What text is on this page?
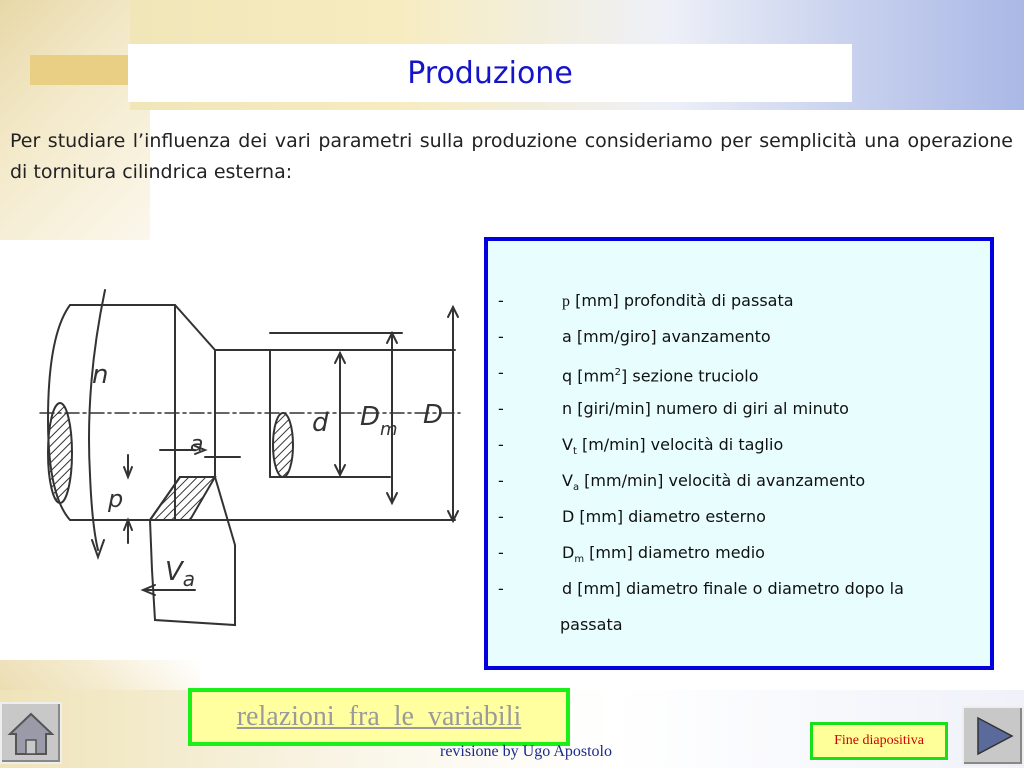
Produzione
Per studiare l’influenza dei vari parametri sulla produzione consideriamo per semplicità una operazione di tornitura cilindrica esterna:
n
a
p
d $D_m$ D
$V_a$
-	p [mm] profondità di passata
-	a [mm/giro] avanzamento
-	q $[mm^2]$ sezione truciolo
-	n [giri/min] numero di giri al minuto
-	$V_t$ [m/min] velocità di taglio
-	$V_a$ [mm/min] velocità di avanzamento
-	D [mm] diametro esterno
-	$D_m$ [mm] diametro medio
-	d [mm] diametro finale o diametro dopo la
passata
relazioni_fra_le_variabili
revisione by Ugo Apostolo
Fine diapositiva
